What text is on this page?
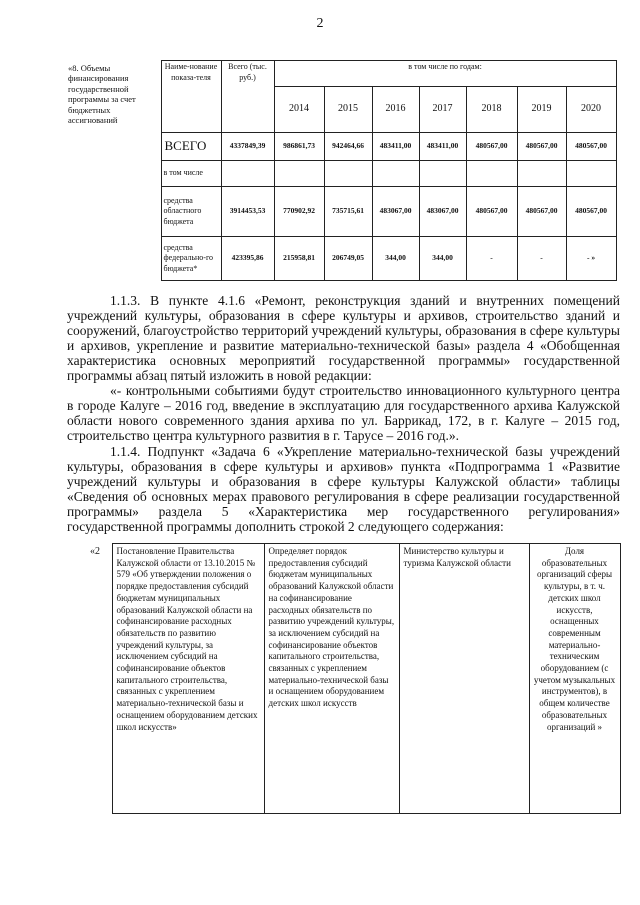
2
«8. Объемы финансирования государственной программы за счет бюджетных ассигнований	Наиме-нование показа-теля	Всего (тыс. руб.)	в том числе по годам:						
			2014	2015	2016	2017	2018	2019	2020
	ВСЕГО	4337849,39	986861,73	942464,66	483411,00	483411,00	480567,00	480567,00	480567,00
	в том числе								
	средства областного бюджета	3914453,53	770902,92	735715,61	483067,00	483067,00	480567,00	480567,00	480567,00
	средства федерально-го бюджета*	423395,86	215958,81	206749,05	344,00	344,00	-	-	- »

1.1.3. В пункте 4.1.6 «Ремонт, реконструкция зданий и внутренних помещений учреждений культуры, образования в сфере культуры и архивов, строительство зданий и сооружений, благоустройство территорий учреждений культуры, образования в сфере культуры и архивов, укрепление и развитие материально-технической базы» раздела 4 «Обобщенная характеристика основных мероприятий государственной программы» государственной программы абзац пятый изложить в новой редакции:

«- контрольными событиями будут строительство инновационного культурного центра в городе Калуге – 2016 год, введение в эксплуатацию для государственного архива Калужской области нового современного здания архива по ул. Баррикад, 172, в г. Калуге – 2015 год, строительство центра культурного развития в г. Тарусе – 2016 год.».

1.1.4. Подпункт «Задача 6 «Укрепление материально-технической базы учреждений культуры, образования в сфере культуры и архивов» пункта «Подпрограмма 1 «Развитие учреждений культуры и образования в сфере культуры Калужской области» таблицы «Сведения об основных мерах правового регулирования в сфере реализации государственной программы» раздела 5 «Характеристика мер государственного регулирования» государственной программы дополнить строкой 2 следующего содержания:

«2	Постановление Правительства Калужской области от 13.10.2015 № 579 «Об утверждении положения о порядке предоставления субсидий бюджетам муниципальных образований Калужской области на софинансирование расходных обязательств по развитию учреждений культуры, за исключением субсидий на софинансирование объектов капитального строительства, связанных с укреплением материально-технической базы и оснащением оборудованием детских школ искусств»	Определяет порядок предоставления субсидий бюджетам муниципальных образований Калужской области на софинансирование расходных обязательств по развитию учреждений культуры, за исключением субсидий на софинансирование объектов капитального строительства, связанных с укреплением материально-технической базы и оснащением оборудованием детских школ искусств	Министерство культуры и туризма Калужской области	Доля образовательных организаций сферы культуры, в т. ч. детских школ искусств, оснащенных современным материально-техническим оборудованием (с учетом музыкальных инструментов), в общем количестве образовательных организаций »
